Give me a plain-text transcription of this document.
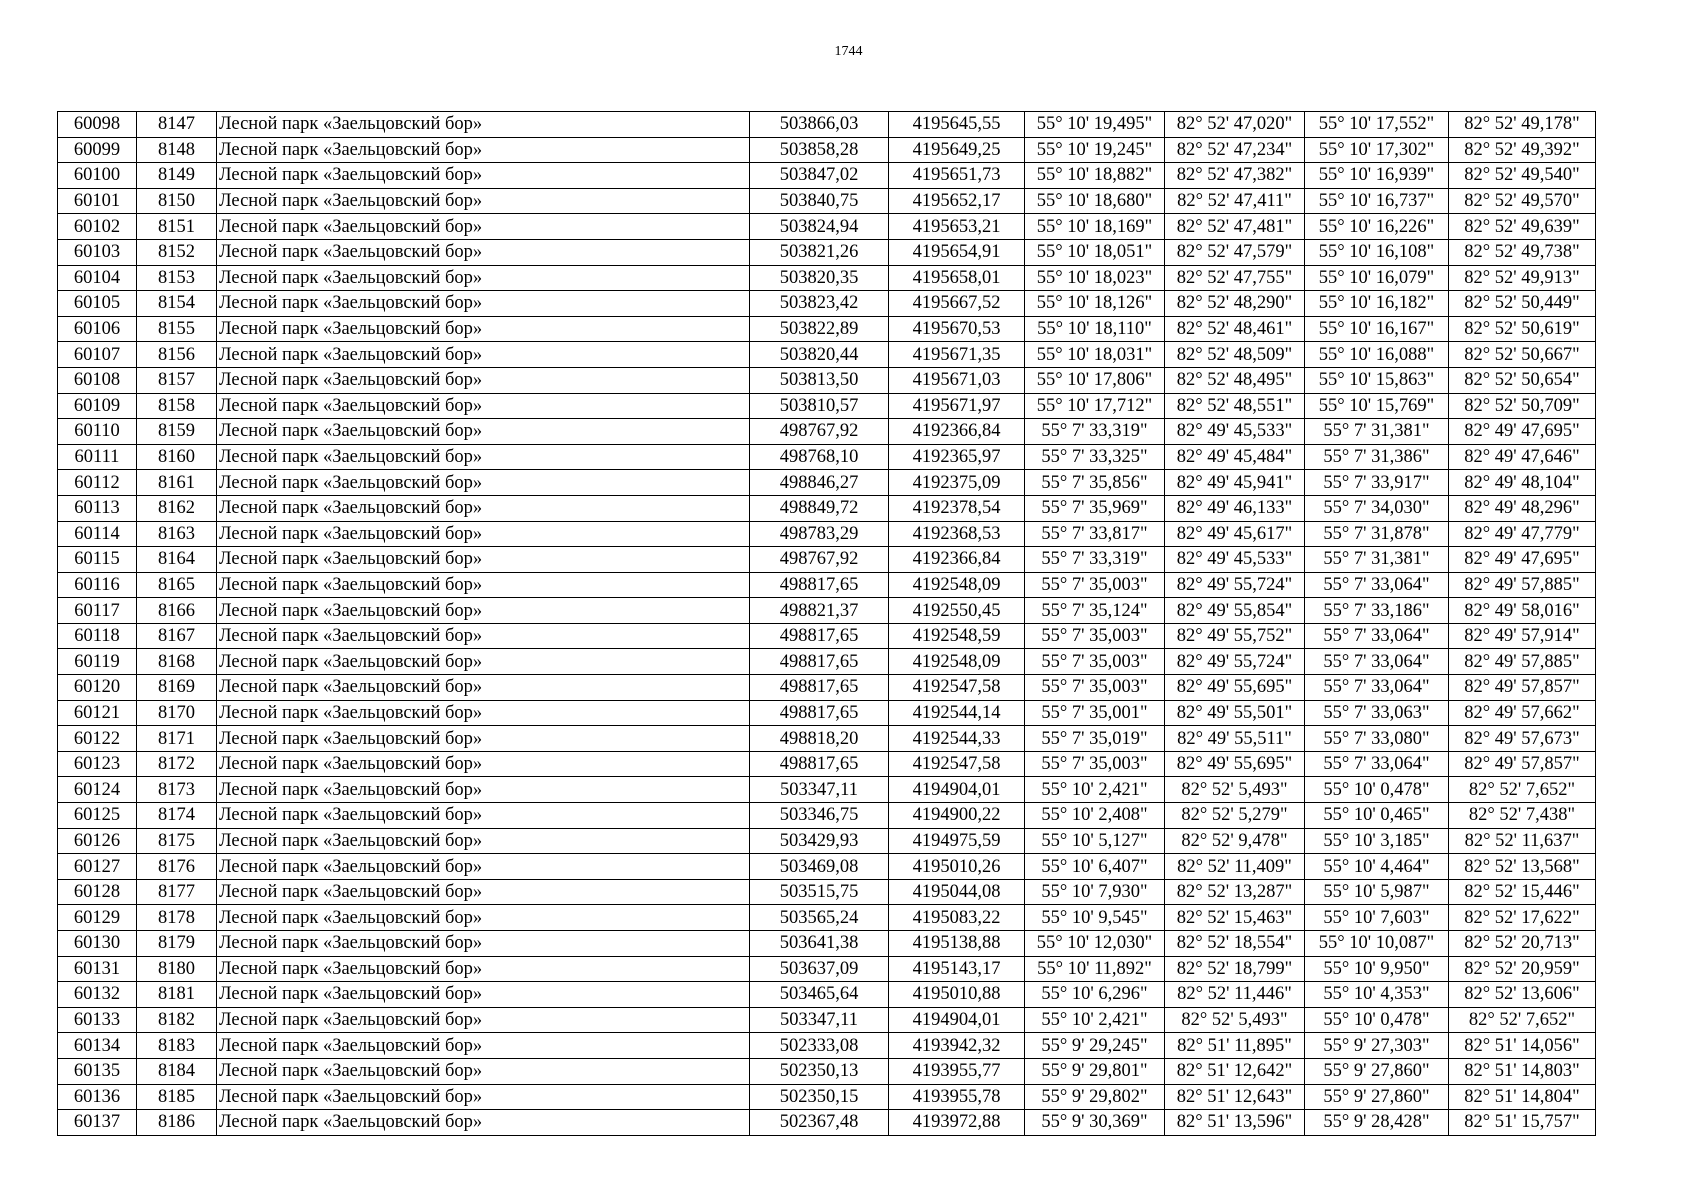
1744
60098	8147	Лесной парк «Заельцовский бор»	503866,03	4195645,55	55° 10' 19,495"	82° 52' 47,020"	55° 10' 17,552"	82° 52' 49,178"
60099	8148	Лесной парк «Заельцовский бор»	503858,28	4195649,25	55° 10' 19,245"	82° 52' 47,234"	55° 10' 17,302"	82° 52' 49,392"
60100	8149	Лесной парк «Заельцовский бор»	503847,02	4195651,73	55° 10' 18,882"	82° 52' 47,382"	55° 10' 16,939"	82° 52' 49,540"
60101	8150	Лесной парк «Заельцовский бор»	503840,75	4195652,17	55° 10' 18,680"	82° 52' 47,411"	55° 10' 16,737"	82° 52' 49,570"
60102	8151	Лесной парк «Заельцовский бор»	503824,94	4195653,21	55° 10' 18,169"	82° 52' 47,481"	55° 10' 16,226"	82° 52' 49,639"
60103	8152	Лесной парк «Заельцовский бор»	503821,26	4195654,91	55° 10' 18,051"	82° 52' 47,579"	55° 10' 16,108"	82° 52' 49,738"
60104	8153	Лесной парк «Заельцовский бор»	503820,35	4195658,01	55° 10' 18,023"	82° 52' 47,755"	55° 10' 16,079"	82° 52' 49,913"
60105	8154	Лесной парк «Заельцовский бор»	503823,42	4195667,52	55° 10' 18,126"	82° 52' 48,290"	55° 10' 16,182"	82° 52' 50,449"
60106	8155	Лесной парк «Заельцовский бор»	503822,89	4195670,53	55° 10' 18,110"	82° 52' 48,461"	55° 10' 16,167"	82° 52' 50,619"
60107	8156	Лесной парк «Заельцовский бор»	503820,44	4195671,35	55° 10' 18,031"	82° 52' 48,509"	55° 10' 16,088"	82° 52' 50,667"
60108	8157	Лесной парк «Заельцовский бор»	503813,50	4195671,03	55° 10' 17,806"	82° 52' 48,495"	55° 10' 15,863"	82° 52' 50,654"
60109	8158	Лесной парк «Заельцовский бор»	503810,57	4195671,97	55° 10' 17,712"	82° 52' 48,551"	55° 10' 15,769"	82° 52' 50,709"
60110	8159	Лесной парк «Заельцовский бор»	498767,92	4192366,84	55° 7' 33,319"	82° 49' 45,533"	55° 7' 31,381"	82° 49' 47,695"
60111	8160	Лесной парк «Заельцовский бор»	498768,10	4192365,97	55° 7' 33,325"	82° 49' 45,484"	55° 7' 31,386"	82° 49' 47,646"
60112	8161	Лесной парк «Заельцовский бор»	498846,27	4192375,09	55° 7' 35,856"	82° 49' 45,941"	55° 7' 33,917"	82° 49' 48,104"
60113	8162	Лесной парк «Заельцовский бор»	498849,72	4192378,54	55° 7' 35,969"	82° 49' 46,133"	55° 7' 34,030"	82° 49' 48,296"
60114	8163	Лесной парк «Заельцовский бор»	498783,29	4192368,53	55° 7' 33,817"	82° 49' 45,617"	55° 7' 31,878"	82° 49' 47,779"
60115	8164	Лесной парк «Заельцовский бор»	498767,92	4192366,84	55° 7' 33,319"	82° 49' 45,533"	55° 7' 31,381"	82° 49' 47,695"
60116	8165	Лесной парк «Заельцовский бор»	498817,65	4192548,09	55° 7' 35,003"	82° 49' 55,724"	55° 7' 33,064"	82° 49' 57,885"
60117	8166	Лесной парк «Заельцовский бор»	498821,37	4192550,45	55° 7' 35,124"	82° 49' 55,854"	55° 7' 33,186"	82° 49' 58,016"
60118	8167	Лесной парк «Заельцовский бор»	498817,65	4192548,59	55° 7' 35,003"	82° 49' 55,752"	55° 7' 33,064"	82° 49' 57,914"
60119	8168	Лесной парк «Заельцовский бор»	498817,65	4192548,09	55° 7' 35,003"	82° 49' 55,724"	55° 7' 33,064"	82° 49' 57,885"
60120	8169	Лесной парк «Заельцовский бор»	498817,65	4192547,58	55° 7' 35,003"	82° 49' 55,695"	55° 7' 33,064"	82° 49' 57,857"
60121	8170	Лесной парк «Заельцовский бор»	498817,65	4192544,14	55° 7' 35,001"	82° 49' 55,501"	55° 7' 33,063"	82° 49' 57,662"
60122	8171	Лесной парк «Заельцовский бор»	498818,20	4192544,33	55° 7' 35,019"	82° 49' 55,511"	55° 7' 33,080"	82° 49' 57,673"
60123	8172	Лесной парк «Заельцовский бор»	498817,65	4192547,58	55° 7' 35,003"	82° 49' 55,695"	55° 7' 33,064"	82° 49' 57,857"
60124	8173	Лесной парк «Заельцовский бор»	503347,11	4194904,01	55° 10' 2,421"	82° 52' 5,493"	55° 10' 0,478"	82° 52' 7,652"
60125	8174	Лесной парк «Заельцовский бор»	503346,75	4194900,22	55° 10' 2,408"	82° 52' 5,279"	55° 10' 0,465"	82° 52' 7,438"
60126	8175	Лесной парк «Заельцовский бор»	503429,93	4194975,59	55° 10' 5,127"	82° 52' 9,478"	55° 10' 3,185"	82° 52' 11,637"
60127	8176	Лесной парк «Заельцовский бор»	503469,08	4195010,26	55° 10' 6,407"	82° 52' 11,409"	55° 10' 4,464"	82° 52' 13,568"
60128	8177	Лесной парк «Заельцовский бор»	503515,75	4195044,08	55° 10' 7,930"	82° 52' 13,287"	55° 10' 5,987"	82° 52' 15,446"
60129	8178	Лесной парк «Заельцовский бор»	503565,24	4195083,22	55° 10' 9,545"	82° 52' 15,463"	55° 10' 7,603"	82° 52' 17,622"
60130	8179	Лесной парк «Заельцовский бор»	503641,38	4195138,88	55° 10' 12,030"	82° 52' 18,554"	55° 10' 10,087"	82° 52' 20,713"
60131	8180	Лесной парк «Заельцовский бор»	503637,09	4195143,17	55° 10' 11,892"	82° 52' 18,799"	55° 10' 9,950"	82° 52' 20,959"
60132	8181	Лесной парк «Заельцовский бор»	503465,64	4195010,88	55° 10' 6,296"	82° 52' 11,446"	55° 10' 4,353"	82° 52' 13,606"
60133	8182	Лесной парк «Заельцовский бор»	503347,11	4194904,01	55° 10' 2,421"	82° 52' 5,493"	55° 10' 0,478"	82° 52' 7,652"
60134	8183	Лесной парк «Заельцовский бор»	502333,08	4193942,32	55° 9' 29,245"	82° 51' 11,895"	55° 9' 27,303"	82° 51' 14,056"
60135	8184	Лесной парк «Заельцовский бор»	502350,13	4193955,77	55° 9' 29,801"	82° 51' 12,642"	55° 9' 27,860"	82° 51' 14,803"
60136	8185	Лесной парк «Заельцовский бор»	502350,15	4193955,78	55° 9' 29,802"	82° 51' 12,643"	55° 9' 27,860"	82° 51' 14,804"
60137	8186	Лесной парк «Заельцовский бор»	502367,48	4193972,88	55° 9' 30,369"	82° 51' 13,596"	55° 9' 28,428"	82° 51' 15,757"
